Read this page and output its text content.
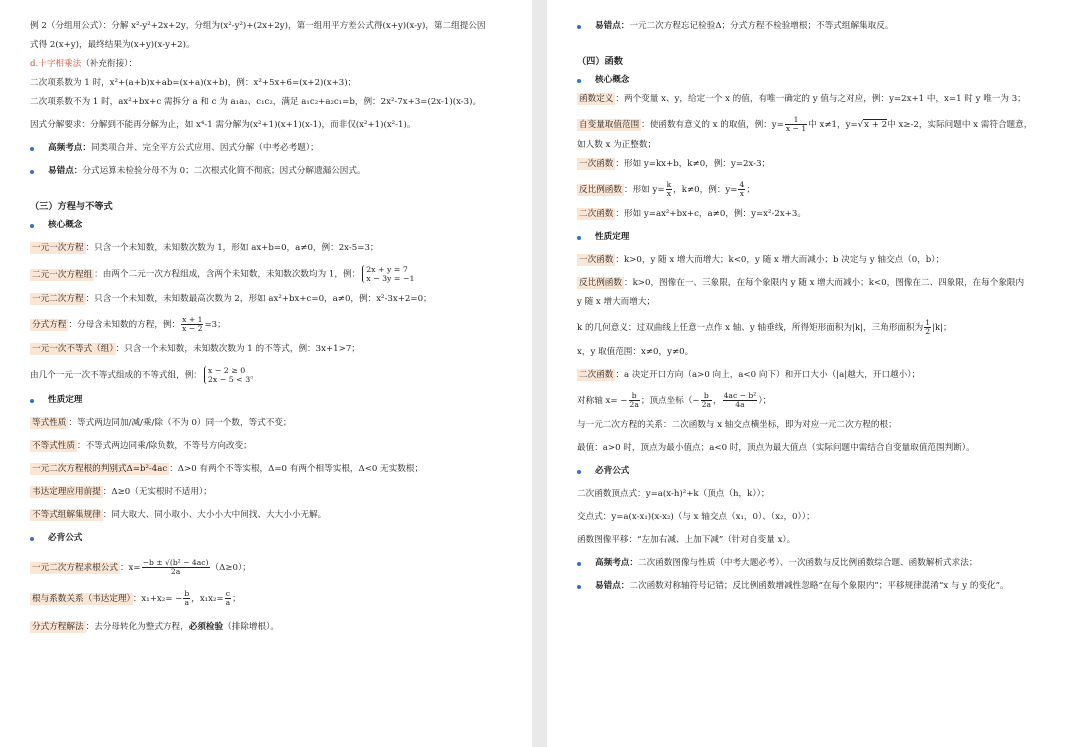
例 2（分组用公式）：分解 x²-y²+2x+2y，分组为(x²-y²)+(2x+2y)，第一组用平方差公式得(x+y)(x-y)，第二组提公因

式得 2(x+y)，最终结果为(x+y)(x-y+2)。

d.十字相乘法（补充衔接）：

二次项系数为 1 时，x²+(a+b)x+ab=(x+a)(x+b)，例：x²+5x+6=(x+2)(x+3)；

二次项系数不为 1 时，ax²+bx+c 需拆分 a 和 c 为 a₁a₂、c₁c₂，满足 a₁c₂+a₂c₁=b，例：2x²-7x+3=(2x-1)(x-3)。

因式分解要求：分解到不能再分解为止，如 x⁴-1 需分解为(x²+1)(x+1)(x-1)，而非仅(x²+1)(x²-1)。

高频考点： 同类项合并、完全平方公式应用、因式分解（中考必考题）；

易错点： 分式运算未检验分母不为 0；二次根式化简不彻底；因式分解遗漏公因式。

（三）方程与不等式

核心概念

一元一次方程 ：只含一个未知数，未知数次数为 1，形如 ax+b=0，a≠0，例：2x-5=3；

二元一次方程组 ：由两个二元一次方程组成，含两个未知数，未知数次数均为 1，例： 2x + y = 7
x − 3y = −1

一元二次方程 ：只含一个未知数，未知数最高次数为 2，形如 ax²+bx+c=0，a≠0，例：x²-3x+2=0；

分式方程 ：分母含未知数的方程，例： $\frac{x + 1}{x - 2} =3$；

一元一次不等式（组） ：只含一个未知数，未知数次数为 1 的不等式，例：3x+1>7；

由几个一元一次不等式组成的不等式组，例： x − 2 ≥ 0
2x − 5 < 3 。

性质定理

等式性质 ：等式两边同加/减/乘/除（不为 0）同一个数，等式不变；

不等式性质 ：不等式两边同乘/除负数，不等号方向改变；

一元二次方程根的判别式Δ=b²-4ac ：Δ>0 有两个不等实根，Δ=0 有两个相等实根，Δ<0 无实数根；

韦达定理应用前提 ：Δ≥0（无实根时不适用）；

不等式组解集规律 ：同大取大、同小取小、大小小大中间找、大大小小无解。

必背公式

一元二次方程求根公式 ：$x= \frac{\text{−b ± √(b² − 4ac)}}{2a} (\Delta\ge 0)$；

根与系数关系（韦达定理） ：$x_1+x_2= - \frac{b}{a}$ ，$x_1x_2= \frac{c}{a}$ ；

分式方程解法 ：去分母转化为整式方程，必须检验（排除增根）。

易错点： 一元二次方程忘记检验Δ；分式方程不检验增根；不等式组解集取反。

（四）函数

核心概念

函数定义 ：两个变量 x、y，给定一个 x 的值，有唯一确定的 y 值与之对应，例：y=2x+1 中，x=1 时 y 唯一为 3；

自变量取值范围 ：使函数有意义的 x 的取值，例：$y= \frac{1}{x - 1}$ 中 x≠1，y=√x + 2中 x≥-2，实际问题中 x 需符合题意，

如人数 x 为正整数；

一次函数 ：形如 y=kx+b，k≠0，例：y=2x-3；

反比例函数 ：形如 $y= \frac{k}{x}$ ，k≠0，例：$y= \frac{4}{x}$ ；

二次函数 ：形如 y=ax²+bx+c，a≠0，例：y=x²-2x+3。

性质定理

一次函数 ：k>0，y 随 x 增大而增大；k<0，y 随 x 增大而减小；b 决定与 y 轴交点（0，b）；

反比例函数 ：k>0，图像在一、三象限，在每个象限内 y 随 x 增大而减小；k<0，图像在二、四象限，在每个象限内

y 随 x 增大而增大；

k 的几何意义：过双曲线上任意一点作 x 轴、y 轴垂线，所得矩形面积为|k|，三角形面积为 $\frac{1}{2} |k|$；

x，y 取值范围：x≠0，y≠0。

二次函数 ：a 决定开口方向（a>0 向上，a<0 向下）和开口大小（|a|越大，开口越小）；

对称轴 $x= - \frac{b}{2a}$ ；顶点坐标（− $\frac{b}{2a}$ ， $\frac{\text{4ac − b²}}{4a}$ ）；

与一元二次方程的关系：二次函数与 x 轴交点横坐标，即为对应一元二次方程的根；

最值：a>0 时，顶点为最小值点；a<0 时，顶点为最大值点（实际问题中需结合自变量取值范围判断）。

必背公式

二次函数顶点式：y=a(x-h)²+k（顶点（h，k））；

交点式：y=a(x-x₁)(x-x₂)（与 x 轴交点（x₁，0）、（x₂，0））；

函数图像平移：“左加右减、上加下减”（针对自变量 x）。

高频考点： 二次函数图像与性质（中考大题必考）、一次函数与反比例函数综合题、函数解析式求法；

易错点： 二次函数对称轴符号记错；反比例函数增减性忽略“在每个象限内”；平移规律混淆“x 与 y 的变化”。
